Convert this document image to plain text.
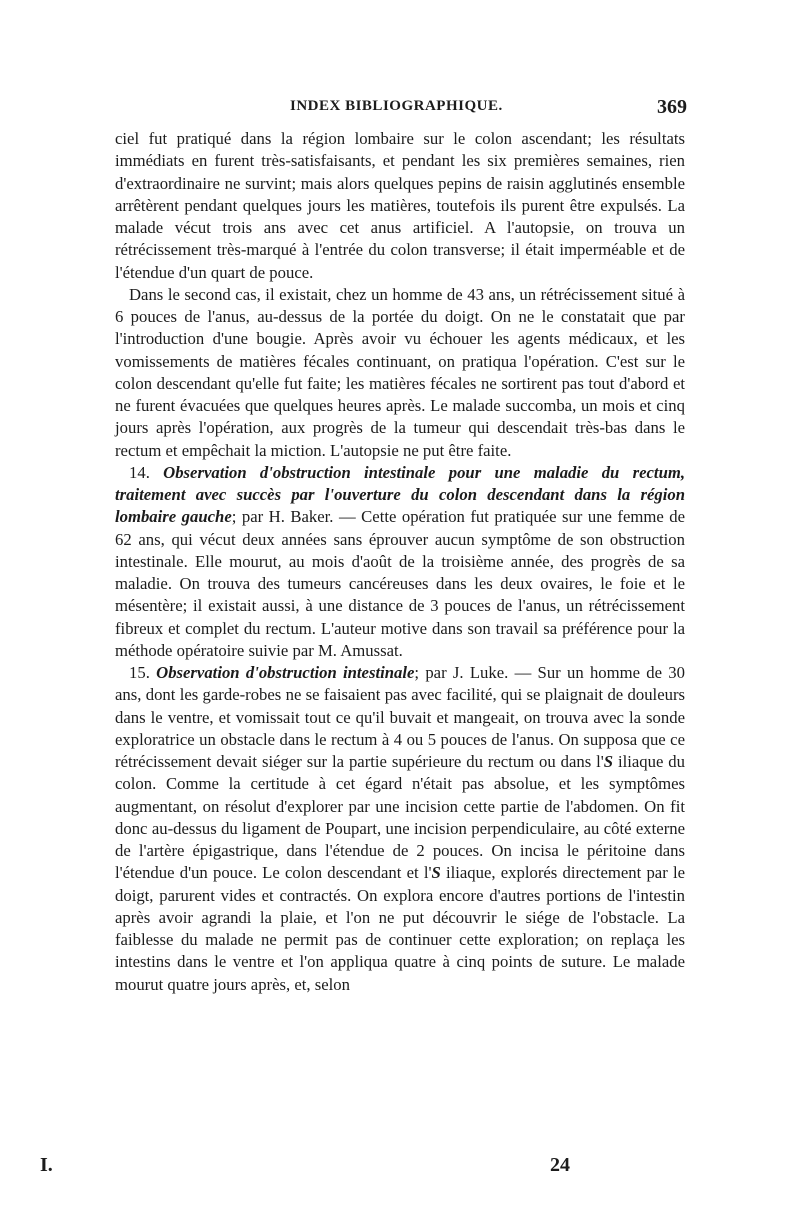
INDEX BIBLIOGRAPHIQUE.	369

ciel fut pratiqué dans la région lombaire sur le colon ascendant; les résultats immédiats en furent très-satisfaisants, et pendant les six premières semaines, rien d'extraordinaire ne survint; mais alors quelques pepins de raisin agglutinés ensemble arrêtèrent pendant quelques jours les matières, toutefois ils purent être expulsés. La malade vécut trois ans avec cet anus artificiel. A l'autopsie, on trouva un rétrécissement très-marqué à l'entrée du colon transverse; il était imperméable et de l'étendue d'un quart de pouce.

Dans le second cas, il existait, chez un homme de 43 ans, un rétrécissement situé à 6 pouces de l'anus, au-dessus de la portée du doigt. On ne le constatait que par l'introduction d'une bougie. Après avoir vu échouer les agents médicaux, et les vomissements de matières fécales continuant, on pratiqua l'opération. C'est sur le colon descendant qu'elle fut faite; les matières fécales ne sortirent pas tout d'abord et ne furent évacuées que quelques heures après. Le malade succomba, un mois et cinq jours après l'opération, aux progrès de la tumeur qui descendait très-bas dans le rectum et empêchait la miction. L'autopsie ne put être faite.

14. Observation d'obstruction intestinale pour une maladie du rectum, traitement avec succès par l'ouverture du colon descendant dans la région lombaire gauche; par H. Baker. — Cette opération fut pratiquée sur une femme de 62 ans, qui vécut deux années sans éprouver aucun symptôme de son obstruction intestinale. Elle mourut, au mois d'août de la troisième année, des progrès de sa maladie. On trouva des tumeurs cancéreuses dans les deux ovaires, le foie et le mésentère; il existait aussi, à une distance de 3 pouces de l'anus, un rétrécissement fibreux et complet du rectum. L'auteur motive dans son travail sa préférence pour la méthode opératoire suivie par M. Amussat.

15. Observation d'obstruction intestinale; par J. Luke. — Sur un homme de 30 ans, dont les garde-robes ne se faisaient pas avec facilité, qui se plaignait de douleurs dans le ventre, et vomissait tout ce qu'il buvait et mangeait, on trouva avec la sonde exploratrice un obstacle dans le rectum à 4 ou 5 pouces de l'anus. On supposa que ce rétrécissement devait siéger sur la partie supérieure du rectum ou dans l'S iliaque du colon. Comme la certitude à cet égard n'était pas absolue, et les symptômes augmentant, on résolut d'explorer par une incision cette partie de l'abdomen. On fit donc au-dessus du ligament de Poupart, une incision perpendiculaire, au côté externe de l'artère épigastrique, dans l'étendue de 2 pouces. On incisa le péritoine dans l'étendue d'un pouce. Le colon descendant et l'S iliaque, explorés directement par le doigt, parurent vides et contractés. On explora encore d'autres portions de l'intestin après avoir agrandi la plaie, et l'on ne put découvrir le siége de l'obstacle. La faiblesse du malade ne permit pas de continuer cette exploration; on replaça les intestins dans le ventre et l'on appliqua quatre à cinq points de suture. Le malade mourut quatre jours après, et, selon

I.	24
